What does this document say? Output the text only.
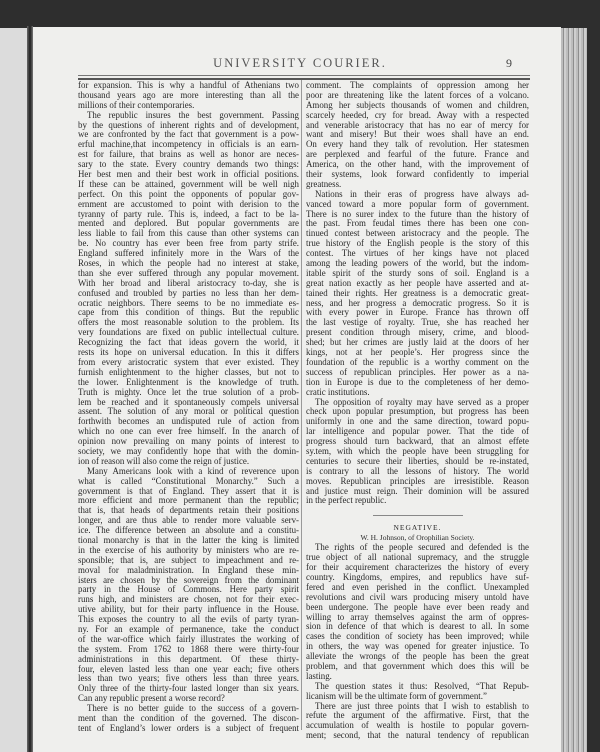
UNIVERSITY COURIER.	9
for expansion. This is why a handful of Athenians two
thousand years ago are more interesting than all the
millions of their contemporaries.
The republic insures the best government. Passing
by the questions of inherent rights and of development,
we are confronted by the fact that government is a pow-
erful machine,that incompetency in officials is an earn-
est for failure, that brains as well as honor are neces-
sary to the state. Every country demands two things:
Her best men and their best work in official positions.
If these can be attained, government will be well nigh
perfect. On this point the opponents of popular gov-
ernment are accustomed to point with derision to the
tyranny of party rule. This is, indeed, a fact to be la-
mented and deplored. But popular governments are
less liable to fail from this cause than other systems can
be. No country has ever been free from party strife.
England suffered infinitely more in the Wars of the
Roses, in which the people had no interest at stake,
than she ever suffered through any popular movement.
With her broad and liberal aristocracy to-day, she is
confused and troubled by parties no less than her dem-
ocratic neighbors. There seems to be no immediate es-
cape from this condition of things. But the republic
offers the most reasonable solution to the problem. Its
very foundations are fixed on public intellectual culture.
Recognizing the fact that ideas govern the world, it
rests its hope on universal education. In this it differs
from every aristocratic system that ever existed. They
furnish enlightenment to the higher classes, but not to
the lower. Enlightenment is the knowledge of truth.
Truth is mighty. Once let the true solution of a prob-
lem be reached and it spontaneously compels universal
assent. The solution of any moral or political question
forthwith becomes an undisputed rule of action from
which no one can ever free himself. In the anarch of
opinion now prevailing on many points of interest to
society, we may confidently hope that with the domin-
ion of reason will also come the reign of justice.
Many Americans look with a kind of reverence upon
what is called “Constitutional Monarchy.” Such a
government is that of England. They assert that it is
more efficient and more permanent than the republic;
that is, that heads of departments retain their positions
longer, and are thus able to render more valuable serv-
ice. The difference between an absolute and a constitu-
tional monarchy is that in the latter the king is limited
in the exercise of his authority by ministers who are re-
sponsible; that is, are subject to impeachment and re-
moval for maladministration. In England these min-
isters are chosen by the sovereign from the dominant
party in the House of Commons. Here party spirit
runs high, and ministers are chosen, not for their exec-
utive ability, but for their party influence in the House.
This exposes the country to all the evils of party tyran-
ny. For an example of permanence, take the conduct
of the war-office which fairly illustrates the working of
the system. From 1762 to 1868 there were thirty-four
administrations in this department. Of these thirty-
four, eleven lasted less than one year each; five others
less than two years; five others less than three years.
Only three of the thirty-four lasted longer than six years.
Can any republic present a worse record?
There is no better guide to the success of a govern-
ment than the condition of the governed. The discon-
tent of England’s lower orders is a subject of frequent
comment. The complaints of oppression among her
poor are threatening like the latent forces of a volcano.
Among her subjects thousands of women and children,
scarcely heeded, cry for bread. Away with a respected
and venerable aristocracy that has no ear of mercy for
want and misery! But their woes shall have an end.
On every hand they talk of revolution. Her statesmen
are perplexed and fearful of the future. France and
America, on the other hand, with the improvement of
their systems, look forward confidently to imperial
greatness.
Nations in their eras of progress have always ad-
vanced toward a more popular form of government.
There is no surer index to the future than the history of
the past. From feudal times there has been one con-
tinued contest between aristocracy and the people. The
true history of the English people is the story of this
contest. The virtues of her kings have not placed
among the leading powers of the world, but the indom-
itable spirit of the sturdy sons of soil. England is a
great nation exactly as her people have asserted and at-
tained their rights. Her greatness is a democratic great-
ness, and her progress a democratic progress. So it is
with every power in Europe. France has thrown off
the last vestige of royalty. True, she has reached her
present condition through misery, crime, and blood-
shed; but her crimes are justly laid at the doors of her
kings, not at her people’s. Her progress since the
foundation of the republic is a worthy comment on the
success of republican principles. Her power as a na-
tion in Europe is due to the completeness of her demo-
cratic institutions.
The opposition of royalty may have served as a proper
check upon popular presumption, but progress has been
uniformly in one and the same direction, toward popu-
lar intelligence and popular power. That the tide of
progress should turn backward, that an almost effete
sy.tem, with which the people have been struggling for
centuries to secure their liberties, should be re-instated,
is contrary to all the lessons of history. The world
moves. Republican principles are irresistible. Reason
and justice must reign. Their dominion will be assured
in the perfect republic.
NEGATIVE.
W. H. Johnson, of Orophilian Society.
The rights of the people secured and defended is the
true object of all national supremacy, and the struggle
for their acquirement characterizes the history of every
country. Kingdoms, empires, and republics have suf-
fered and even perished in the conflict. Unexampled
revolutions and civil wars producing misery untold have
been undergone. The people have ever been ready and
willing to array themselves against the arm of oppres-
sion in defence of that which is dearest to all. In some
cases the condition of society has been improved; while
in others, the way was opened for greater injustice. To
alleviate the wrongs of the people has been the great
problem, and that government which does this will be
lasting.
The question states it thus: Resolved, “That Repub-
licanism will be the ultimate form of government.”
There are just three points that I wish to establish to
refute the argument of the affirmative. First, that the
accumulation of wealth is hostile to popular govern-
ment; second, that the natural tendency of republican
